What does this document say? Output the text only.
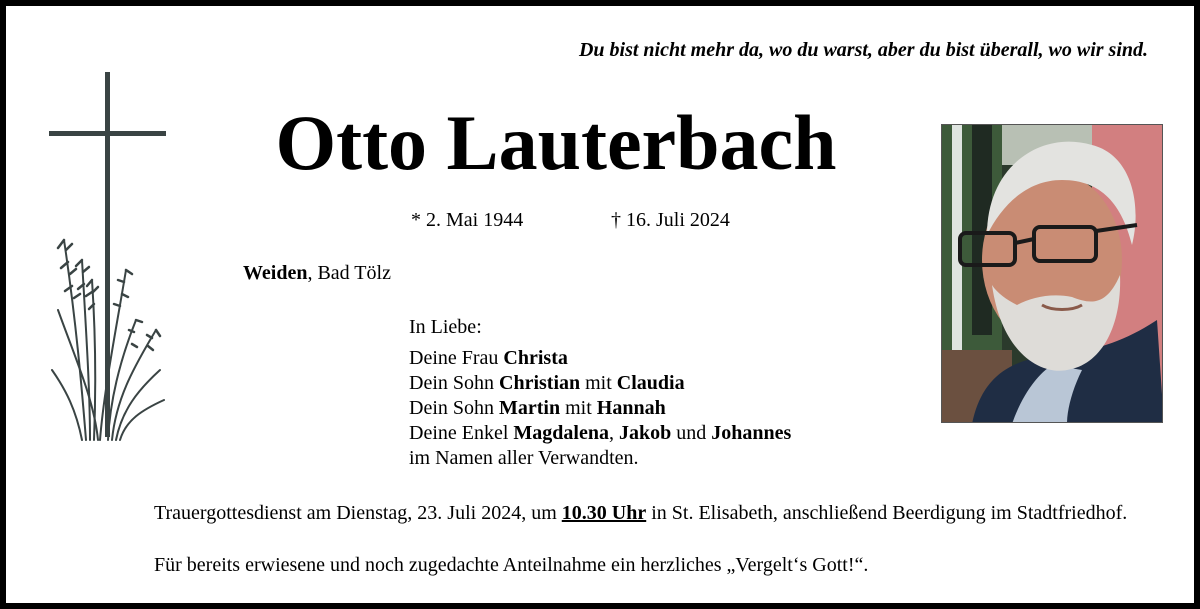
Du bist nicht mehr da, wo du warst, aber du bist überall, wo wir sind.
Otto Lauterbach
* 2. Mai 1944	† 16. Juli 2024
Weiden, Bad Tölz
In Liebe:
Deine Frau Christa
Dein Sohn Christian mit Claudia
Dein Sohn Martin mit Hannah
Deine Enkel Magdalena, Jakob und Johannes
im Namen aller Verwandten.
Trauergottesdienst am Dienstag, 23. Juli 2024, um 10.30 Uhr in St. Elisabeth, anschließend Beerdigung im Stadtfriedhof.
Für bereits erwiesene und noch zugedachte Anteilnahme ein herzliches „Vergelt‘s Gott!“.
